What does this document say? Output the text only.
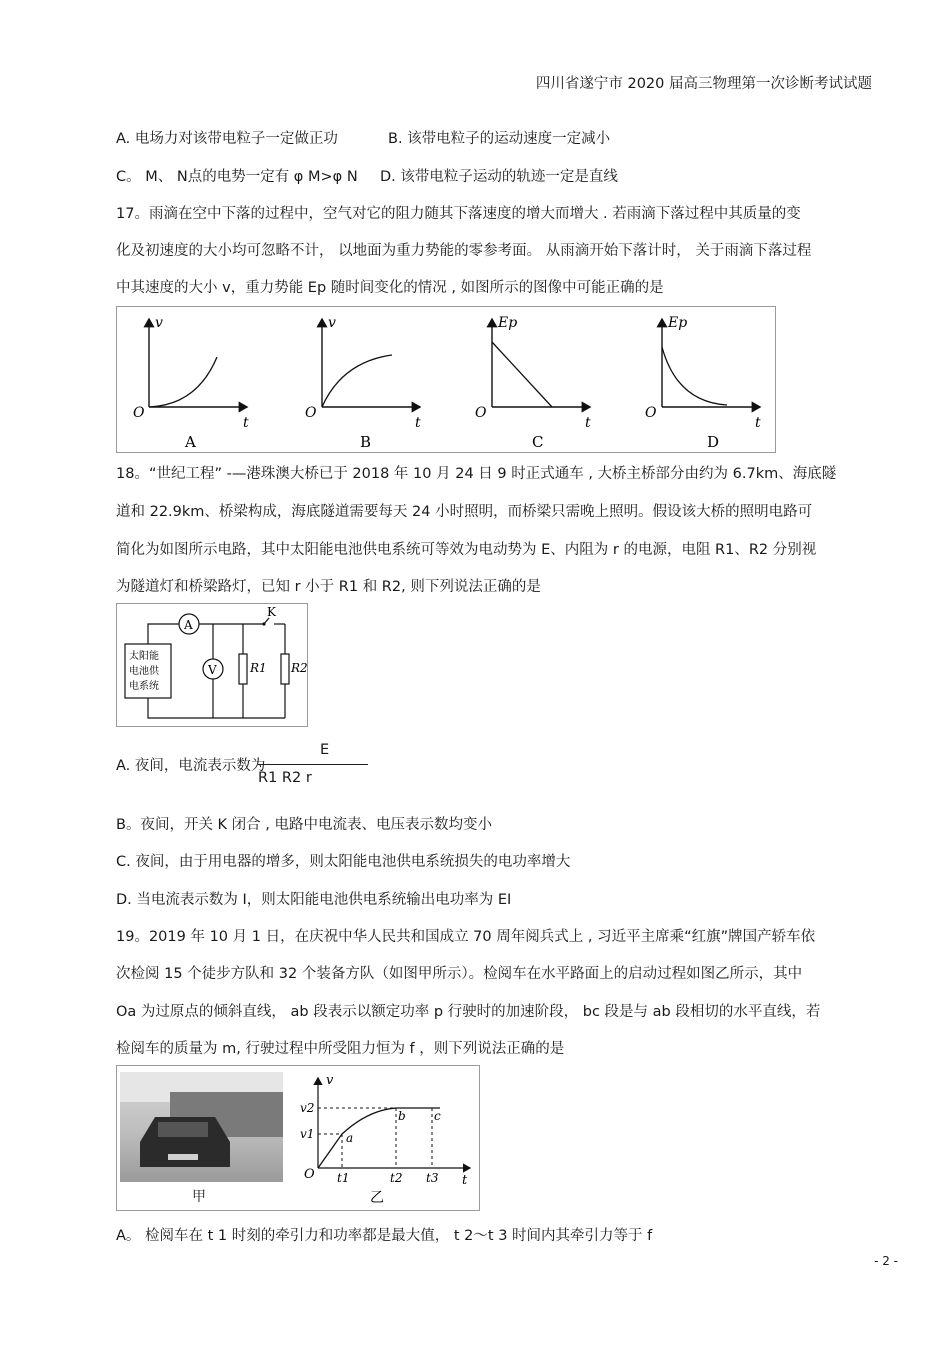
四川省遂宁市 2020 届高三物理第一次诊断考试试题
A. 电场力对该带电粒子一定做正功	B. 该带电粒子的运动速度一定减小
C。 M、 N点的电势一定有 φ M>φ N D. 该带电粒子运动的轨迹一定是直线
17。雨滴在空中下落的过程中，空气对它的阻力随其下落速度的增大而增大 . 若雨滴下落过程中其质量的变
化及初速度的大小均可忽略不计， 以地面为重力势能的零参考面。 从雨滴开始下落计时， 关于雨滴下落过程
中其速度的大小 v，重力势能 Ep 随时间变化的情况 , 如图所示的图像中可能正确的是
v
O
t
A
v
O
t
B
Ep
O
t
C
Ep
O
t
D
18。“世纪工程” -—港珠澳大桥已于 2018 年 10 月 24 日 9 时正式通车 , 大桥主桥部分由约为 6.7km、海底隧
道和 22.9km、桥梁构成，海底隧道需要每天 24 小时照明，而桥梁只需晚上照明。假设该大桥的照明电路可
简化为如图所示电路，其中太阳能电池供电系统可等效为电动势为 E、内阻为 r 的电源，电阻 R1、R2 分别视
为隧道灯和桥梁路灯，已知 r 小于 R1 和 R2, 则下列说法正确的是
太阳能
电池供
电系统
K
A
V	R1 R2
A. 夜间，电流表示数为
E
R1 R2 r
B。夜间，开关 K 闭合 , 电路中电流表、电压表示数均变小
C. 夜间，由于用电器的增多，则太阳能电池供电系统损失的电功率增大
D. 当电流表示数为 I，则太阳能电池供电系统输出电功率为 EI
19。2019 年 10 月 1 日，在庆祝中华人民共和国成立 70 周年阅兵式上 , 习近平主席乘“红旗”牌国产轿车依
次检阅 15 个徒步方队和 32 个装备方队（如图甲所示）。检阅车在水平路面上的启动过程如图乙所示，其中
Oa 为过原点的倾斜直线， ab 段表示以额定功率 p 行驶时的加速阶段， bc 段是与 ab 段相切的水平直线，若
检阅车的质量为 m, 行驶过程中所受阻力恒为 f ，则下列说法正确的是
甲
v
v2
v1
O
a
b c
t1	t2 t3 t
乙
A。 检阅车在 t 1 时刻的牵引力和功率都是最大值， t 2～t 3 时间内其牵引力等于 f
- 2 -
